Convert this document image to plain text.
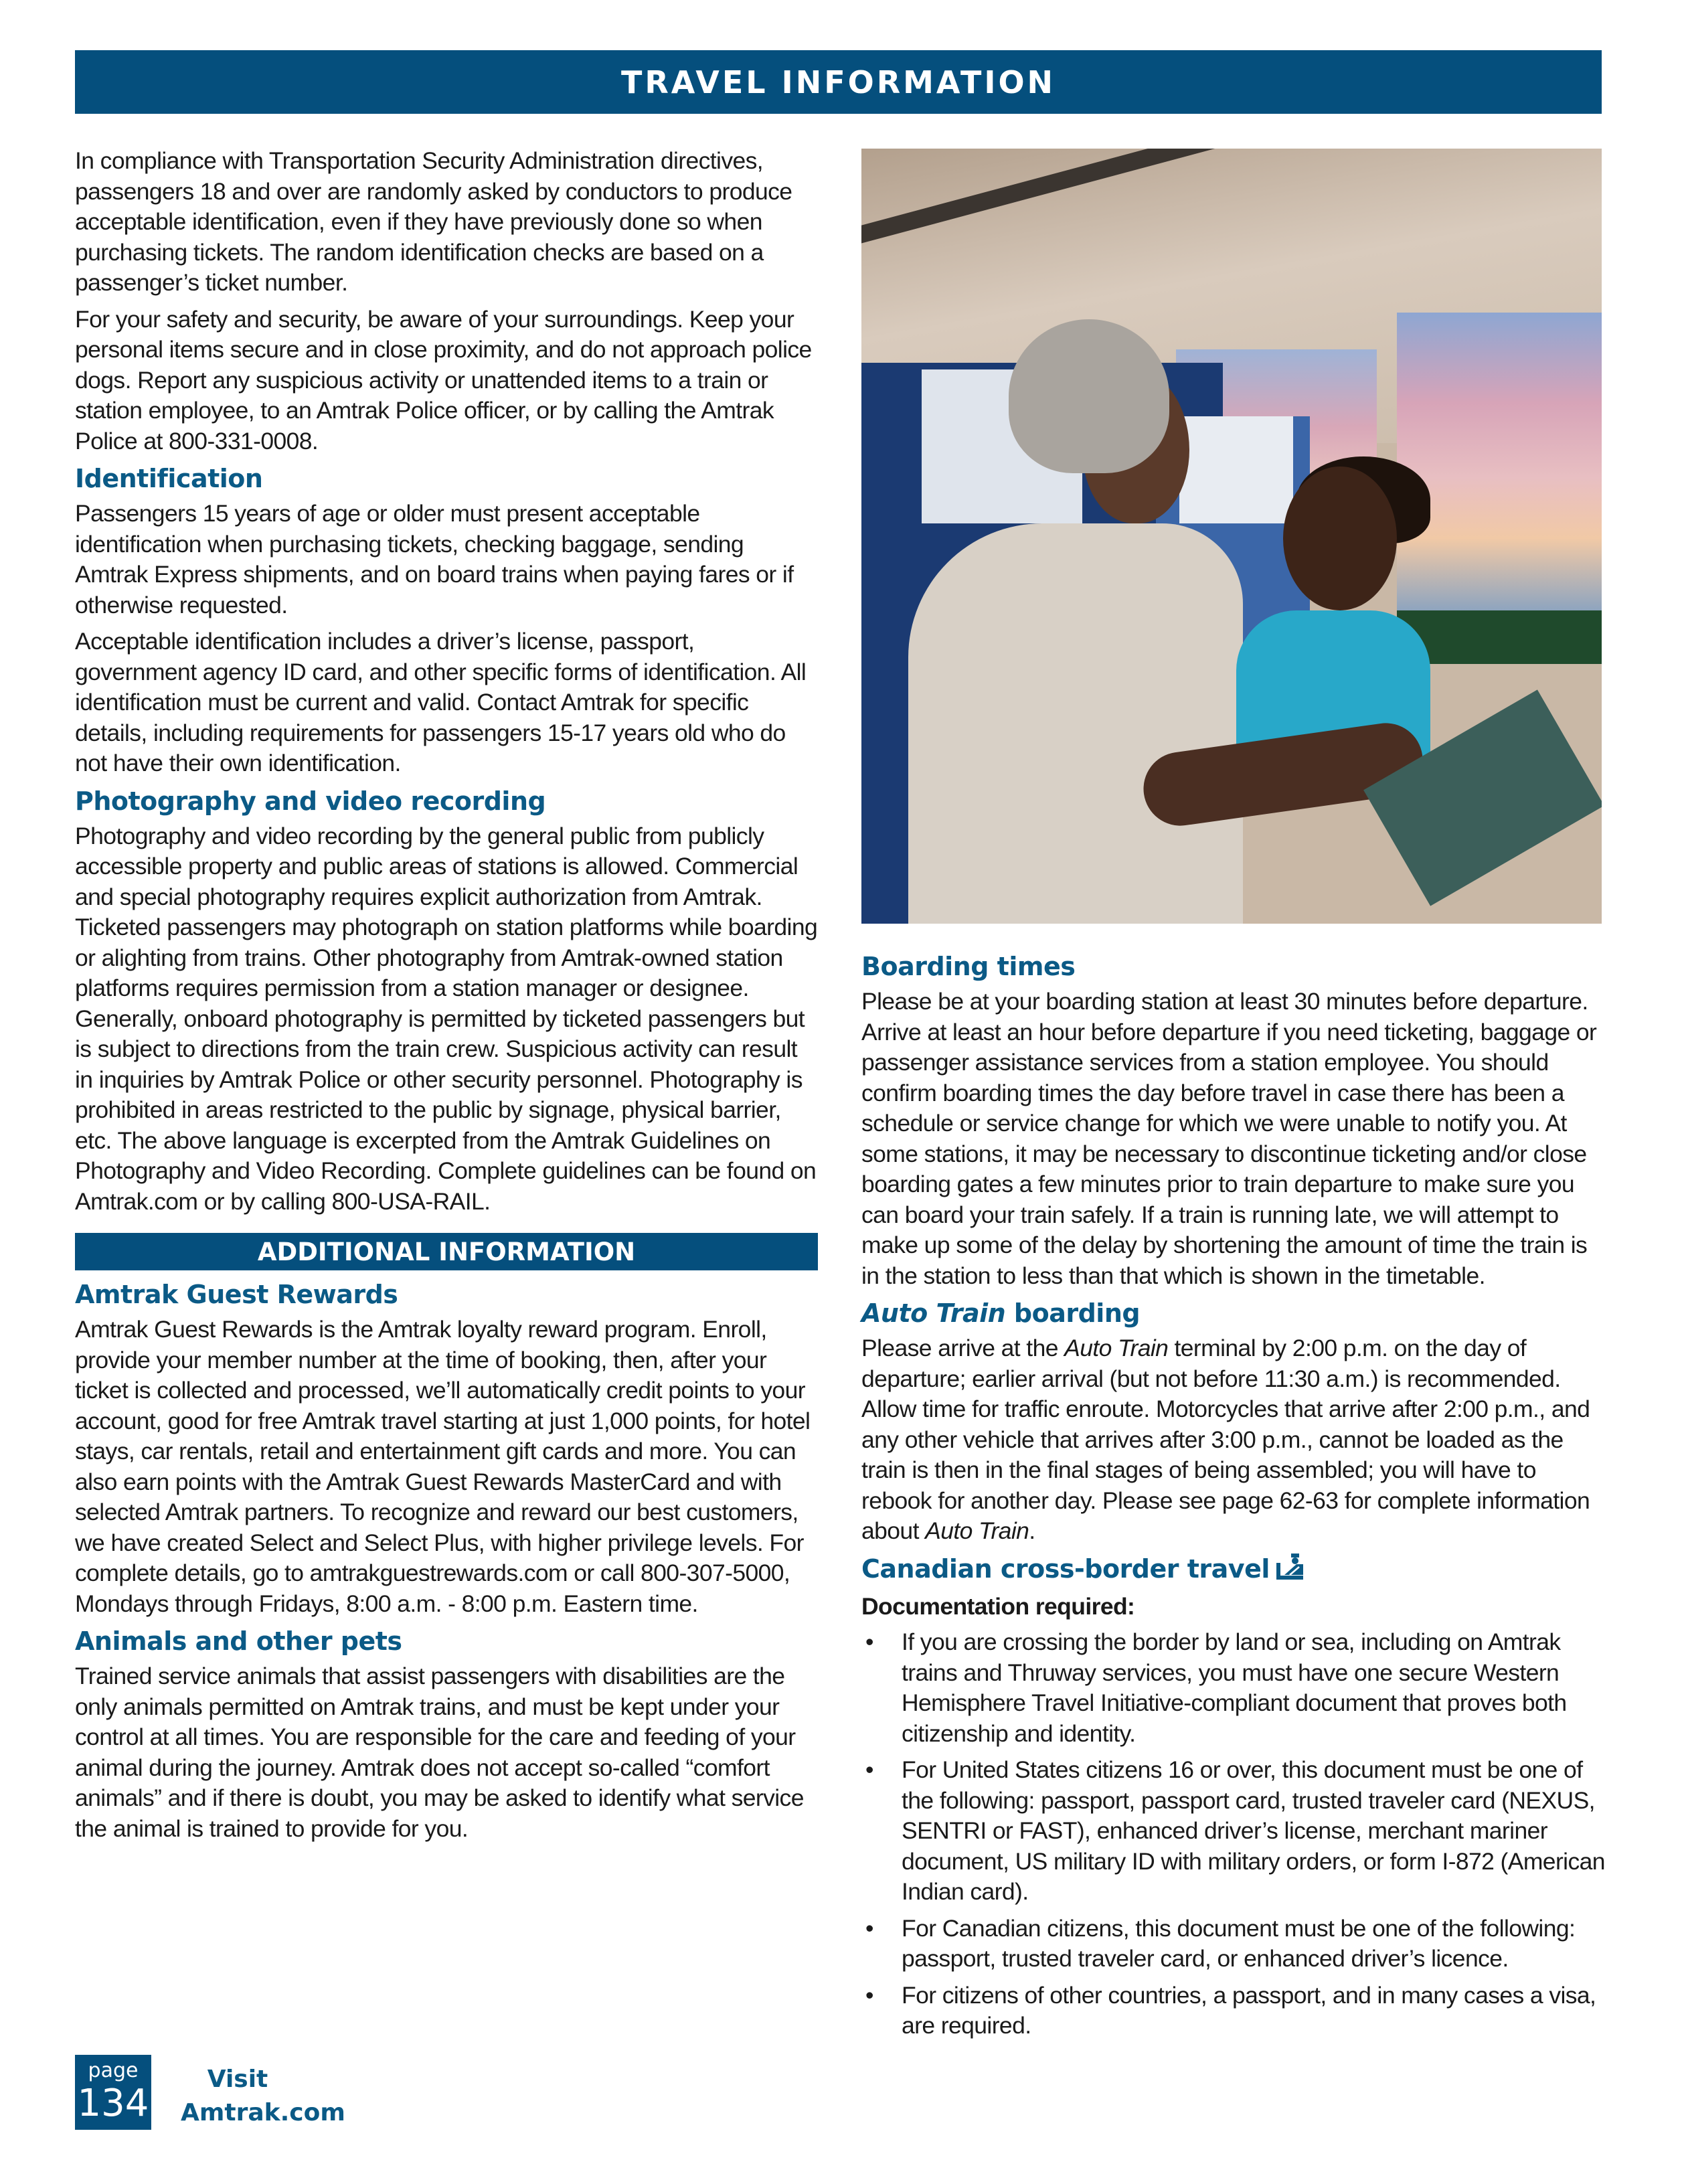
TRAVEL INFORMATION

In compliance with Transportation Security Administration directives, passengers 18 and over are randomly asked by conductors to produce acceptable identification, even if they have previously done so when purchasing tickets. The random identification checks are based on a passenger’s ticket number.

For your safety and security, be aware of your surroundings. Keep your personal items secure and in close proximity, and do not approach police dogs. Report any suspicious activity or unattended items to a train or station employee, to an Amtrak Police officer, or by calling the Amtrak Police at 800-331-0008.

Identification

Passengers 15 years of age or older must present acceptable identification when purchasing tickets, checking baggage, sending Amtrak Express shipments, and on board trains when paying fares or if otherwise requested.

Acceptable identification includes a driver’s license, passport, government agency ID card, and other specific forms of identification. All identification must be current and valid. Contact Amtrak for specific details, including requirements for passengers 15-17 years old who do not have their own identification.

Photography and video recording

Photography and video recording by the general public from publicly accessible property and public areas of stations is allowed. Commercial and special photography requires explicit authorization from Amtrak. Ticketed passengers may photograph on station platforms while boarding or alighting from trains. Other photography from Amtrak-owned station platforms requires permission from a station manager or designee. Generally, onboard photography is permitted by ticketed passengers but is subject to directions from the train crew. Suspicious activity can result in inquiries by Amtrak Police or other security personnel. Photography is prohibited in areas restricted to the public by signage, physical barrier, etc. The above language is excerpted from the Amtrak Guidelines on Photography and Video Recording. Complete guidelines can be found on Amtrak.com or by calling 800-USA-RAIL.

ADDITIONAL INFORMATION
Amtrak Guest Rewards

Amtrak Guest Rewards is the Amtrak loyalty reward program. Enroll, provide your member number at the time of booking, then, after your ticket is collected and processed, we’ll automatically credit points to your account, good for free Amtrak travel starting at just 1,000 points, for hotel stays, car rentals, retail and entertainment gift cards and more. You can also earn points with the Amtrak Guest Rewards MasterCard and with selected Amtrak partners. To recognize and reward our best customers, we have created Select and Select Plus, with higher privilege levels. For complete details, go to amtrakguestrewards.com or call 800-307-5000, Mondays through Fridays, 8:00 a.m. - 8:00 p.m. Eastern time.

Animals and other pets

Trained service animals that assist passengers with disabilities are the only animals permitted on Amtrak trains, and must be kept under your control at all times. You are responsible for the care and feeding of your animal during the journey. Amtrak does not accept so-called “comfort animals” and if there is doubt, you may be asked to identify what service the animal is trained to provide for you.

Boarding times

Please be at your boarding station at least 30 minutes before departure. Arrive at least an hour before departure if you need ticketing, baggage or passenger assistance services from a station employee. You should confirm boarding times the day before travel in case there has been a schedule or service change for which we were unable to notify you. At some stations, it may be necessary to discontinue ticketing and/or close boarding gates a few minutes prior to train departure to make sure you can board your train safely. If a train is running late, we will attempt to make up some of the delay by shortening the amount of time the train is in the station to less than that which is shown in the timetable.

Auto Train boarding

Please arrive at the Auto Train terminal by 2:00 p.m. on the day of departure; earlier arrival (but not before 11:30 a.m.) is recommended. Allow time for traffic enroute. Motorcycles that arrive after 2:00 p.m., and any other vehicle that arrives after 3:00 p.m., cannot be loaded as the train is then in the final stages of being assembled; you will have to rebook for another day. Please see page 62-63 for complete information about Auto Train.

Canadian cross-border travel

Documentation required:

• If you are crossing the border by land or sea, including on Amtrak trains and Thruway services, you must have one secure Western Hemisphere Travel Initiative-compliant document that proves both citizenship and identity.
• For United States citizens 16 or over, this document must be one of the following: passport, passport card, trusted traveler card (NEXUS, SENTRI or FAST), enhanced driver’s license, merchant mariner document, US military ID with military orders, or form I-872 (American Indian card).
• For Canadian citizens, this document must be one of the following: passport, trusted traveler card, or enhanced driver’s licence.
• For citizens of other countries, a passport, and in many cases a visa, are required.
page
134
Visit
Amtrak.com
